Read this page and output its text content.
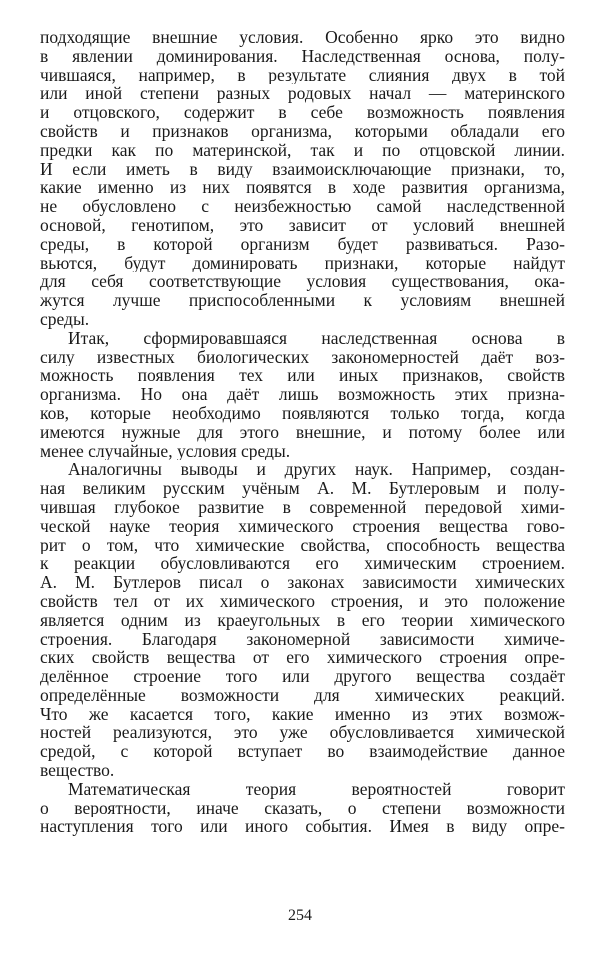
подходящие внешние условия. Особенно ярко это видно
в явлении доминирования. Наследственная основа, полу-
чившаяся, например, в результате слияния двух в той
или иной степени разных родовых начал — материнского
и отцовского, содержит в себе возможность появления
свойств и признаков организма, которыми обладали его
предки как по материнской, так и по отцовской линии.
И если иметь в виду взаимоисключающие признаки, то,
какие именно из них появятся в ходе развития организма,
не обусловлено с неизбежностью самой наследственной
основой, генотипом, это зависит от условий внешней
среды, в которой организм будет развиваться. Разо-
вьются, будут доминировать признаки, которые найдут
для себя соответствующие условия существования, ока-
жутся лучше приспособленными к условиям внешней
среды.
Итак, сформировавшаяся наследственная основа в
силу известных биологических закономерностей даёт воз-
можность появления тех или иных признаков, свойств
организма. Но она даёт лишь возможность этих призна-
ков, которые необходимо появляются только тогда, когда
имеются нужные для этого внешние, и потому более или
менее случайные, условия среды.
Аналогичны выводы и других наук. Например, создан-
ная великим русским учёным А. М. Бутлеровым и полу-
чившая глубокое развитие в современной передовой хими-
ческой науке теория химического строения вещества гово-
рит о том, что химические свойства, способность вещества
к реакции обусловливаются его химическим строением.
А. М. Бутлеров писал о законах зависимости химических
свойств тел от их химического строения, и это положение
является одним из краеугольных в его теории химического
строения. Благодаря закономерной зависимости химиче-
ских свойств вещества от его химического строения опре-
делённое строение того или другого вещества создаёт
определённые возможности для химических реакций.
Что же касается того, какие именно из этих возмож-
ностей реализуются, это уже обусловливается химической
средой, с которой вступает во взаимодействие данное
вещество.
Математическая теория вероятностей говорит
о вероятности, иначе сказать, о степени возможности
наступления того или иного события. Имея в виду опре-
254
